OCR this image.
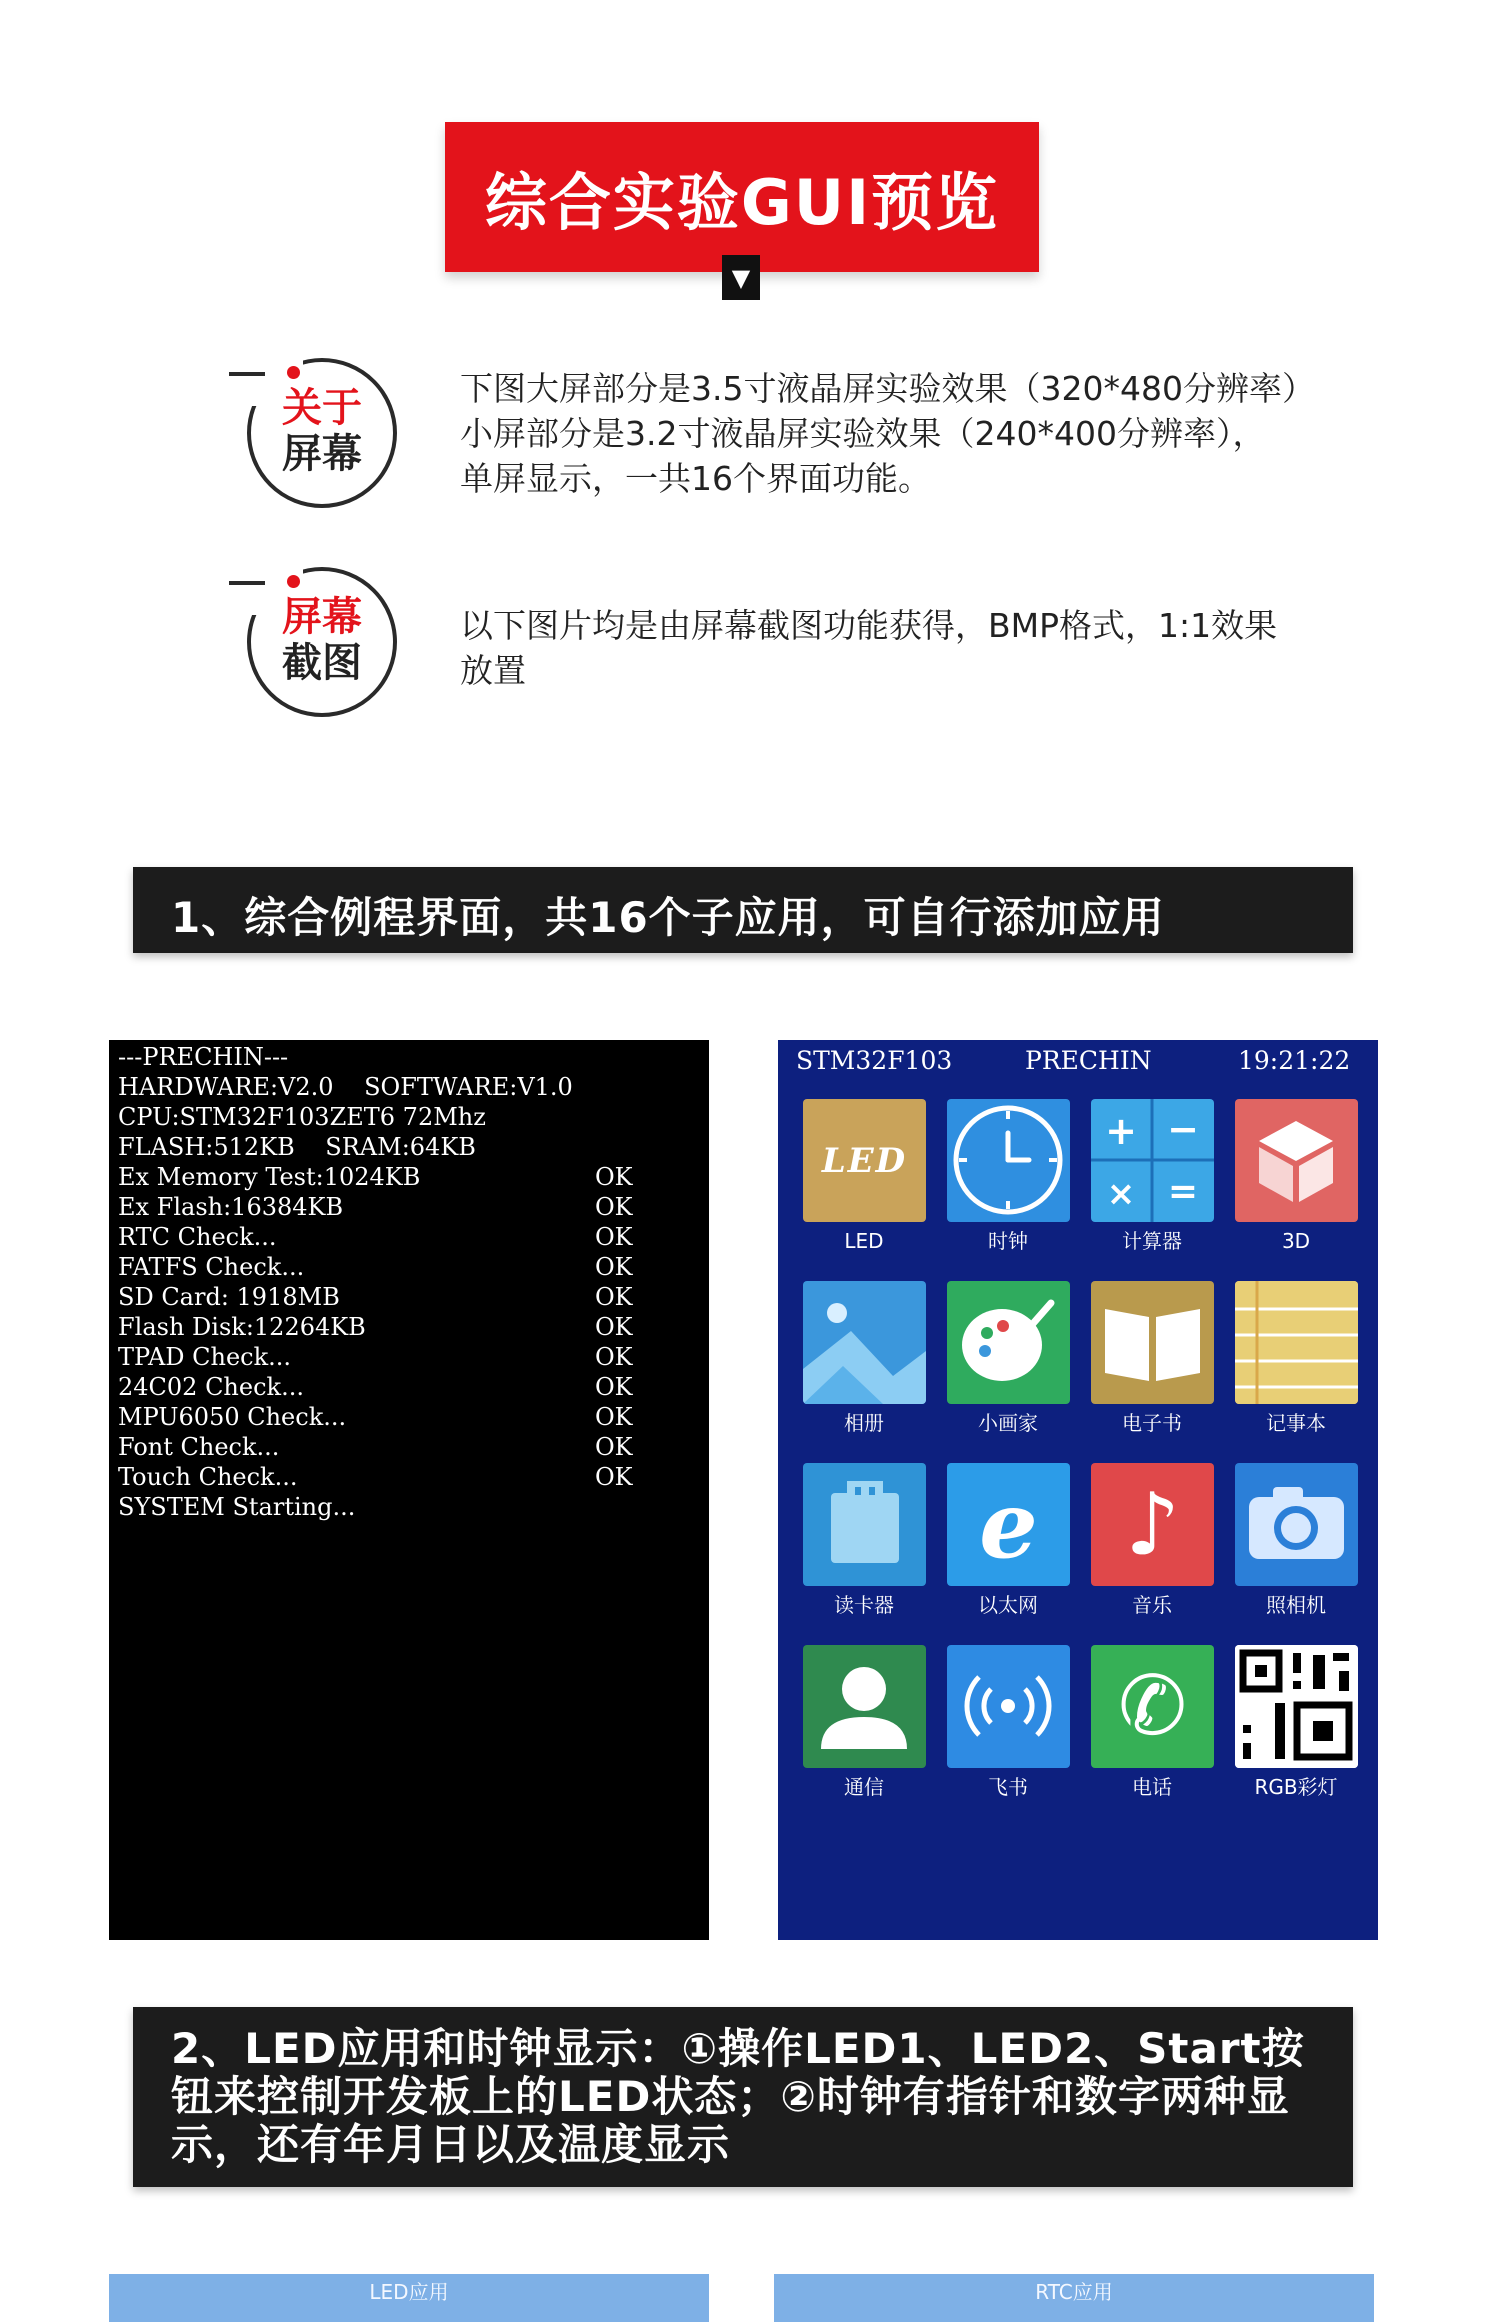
综合实验GUI预览
▼
关于
屏幕
下图大屏部分是3.5寸液晶屏实验效果（320*480分辨率）
小屏部分是3.2寸液晶屏实验效果（240*400分辨率），
单屏显示，一共16个界面功能。
屏幕
截图
以下图片均是由屏幕截图功能获得，BMP格式，1:1效果
放置
1、综合例程界面，共16个子应用，可自行添加应用
---PRECHIN---
HARDWARE:V2.0    SOFTWARE:V1.0
CPU:STM32F103ZET6 72Mhz
FLASH:512KB    SRAM:64KB
Ex Memory Test:1024KB	OK
Ex Flash:16384KB	OK
RTC Check...	OK
FATFS Check...	OK
SD Card: 1918MB	OK
Flash Disk:12264KB	OK
TPAD Check...	OK
24C02 Check...	OK
MPU6050 Check...	OK
Font Check...	OK
Touch Check...	OK
SYSTEM Starting...
STM32F103	PRECHIN	19:21:22
LED
LED	时钟
+ −
× =
计算器	3D
相册	小画家	电子书	记事本
读卡器
e
以太网
♪
音乐	照相机
通信	飞书
✆
电话	RGB彩灯
2、LED应用和时钟显示：①操作LED1、LED2、Start按钮来控制开发板上的LED状态；②时钟有指针和数字两种显示，还有年月日以及温度显示
LED应用	RTC应用
